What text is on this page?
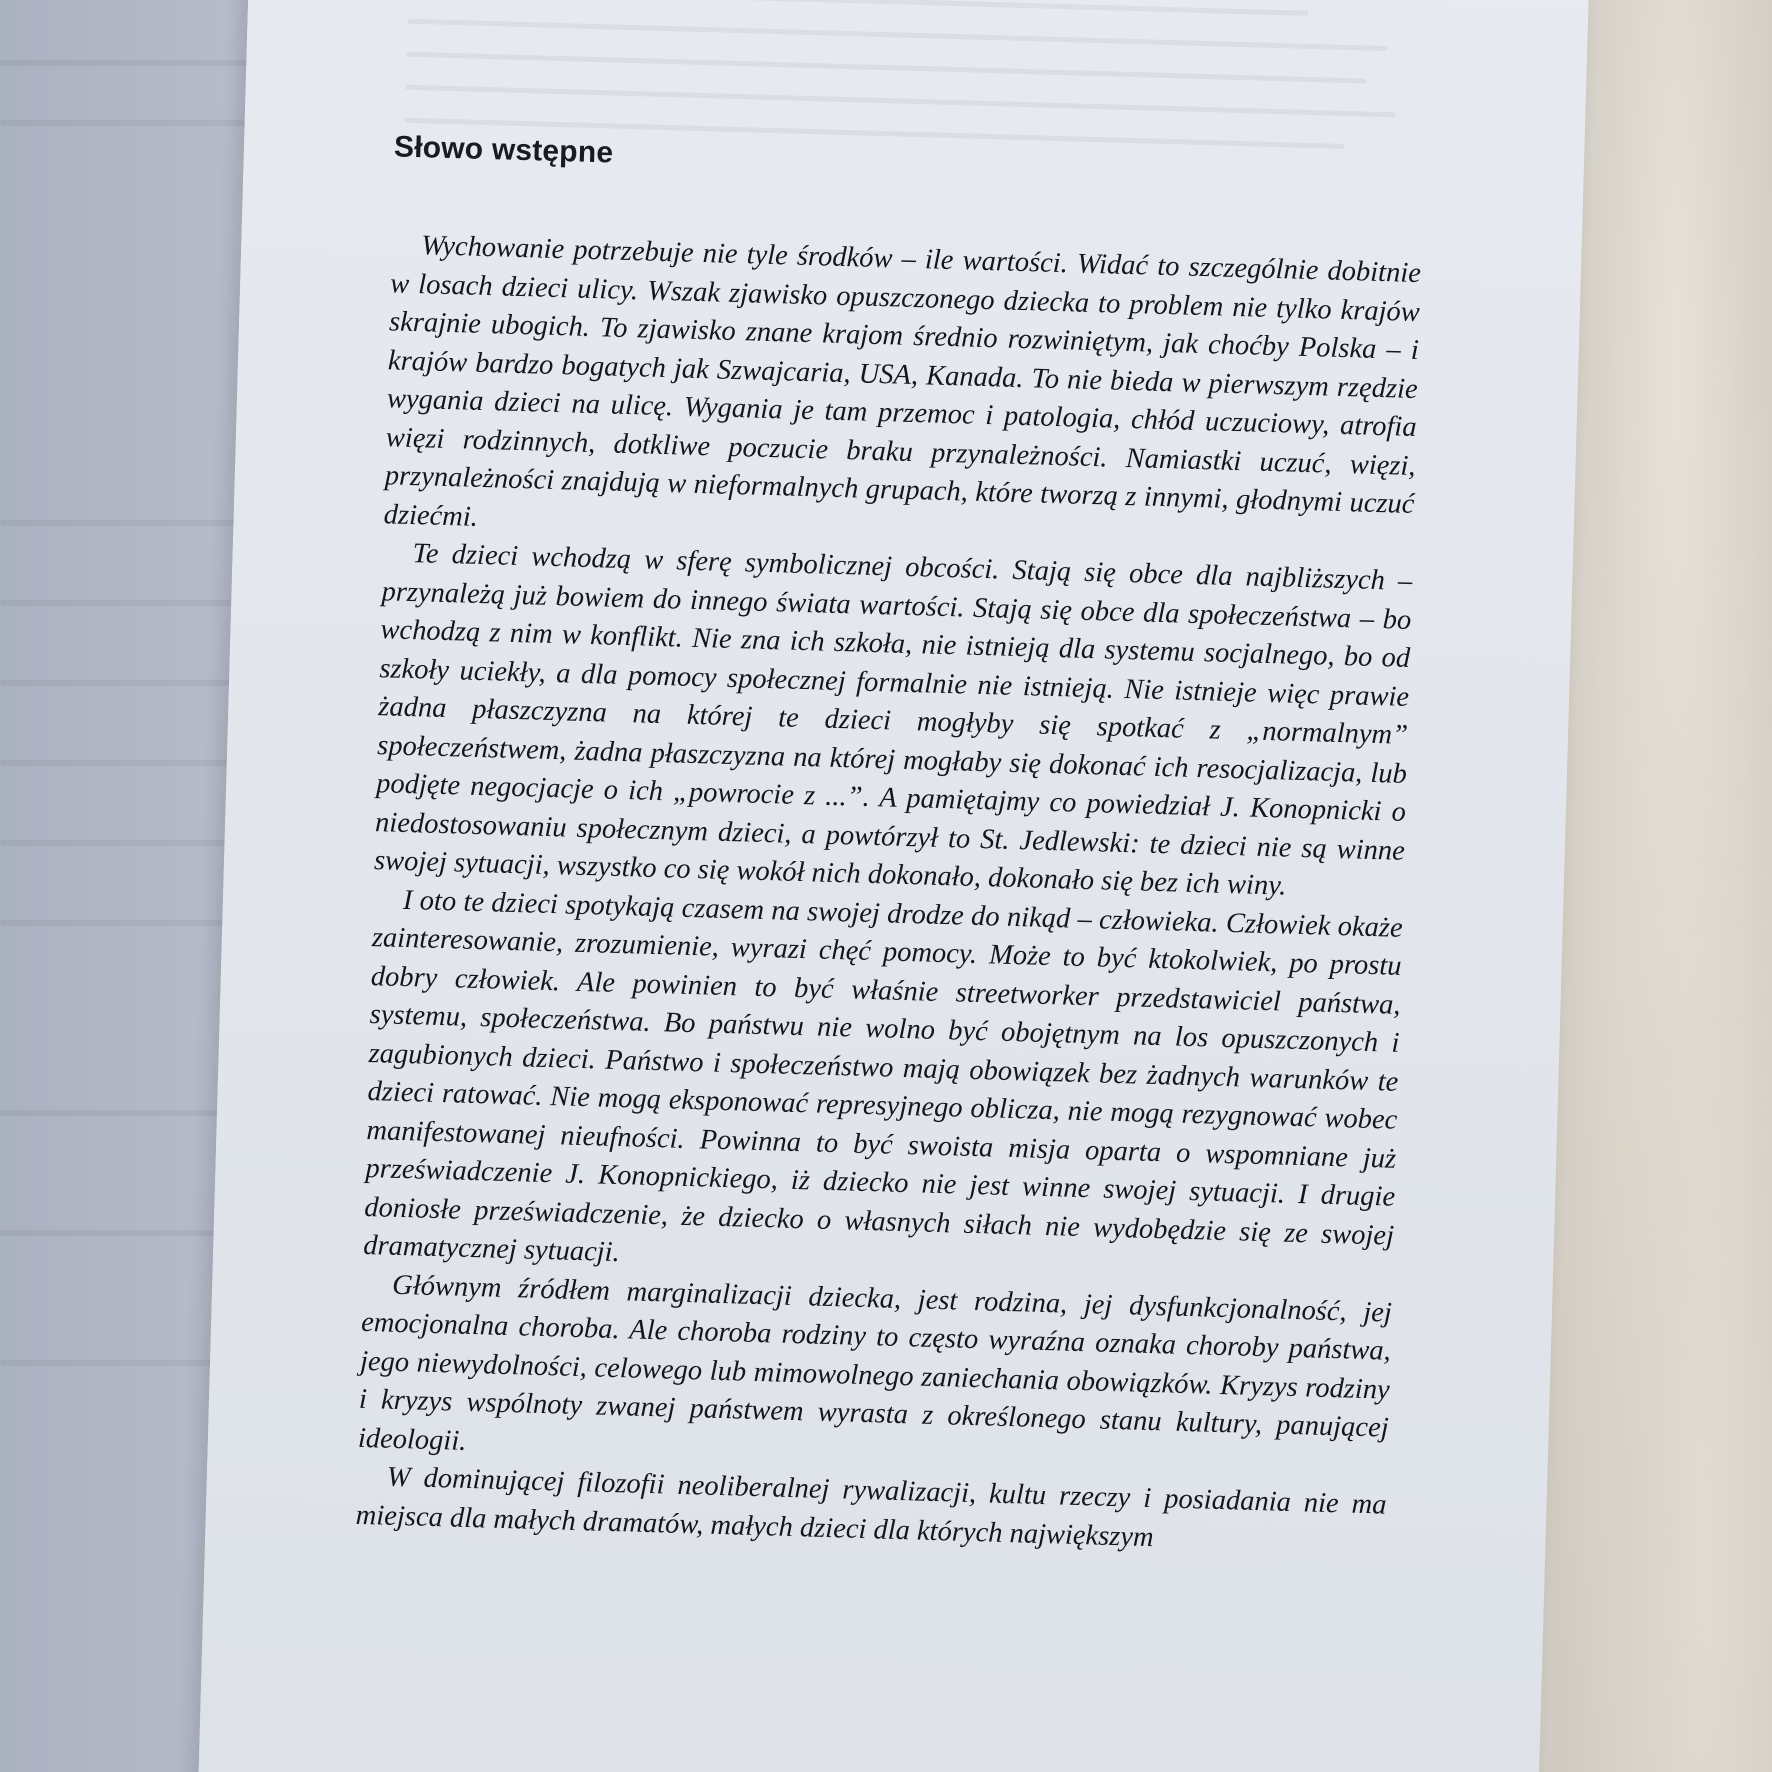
Słowo wstępne

Wychowanie potrzebuje nie tyle środków – ile wartości. Widać to szczególnie dobitnie w losach dzieci ulicy. Wszak zjawisko opuszczonego dziecka to problem nie tylko krajów skrajnie ubogich. To zjawisko znane krajom średnio rozwiniętym, jak choćby Polska – i krajów bardzo bogatych jak Szwajcaria, USA, Kanada. To nie bieda w pierwszym rzędzie wygania dzieci na ulicę. Wygania je tam przemoc i patologia, chłód uczuciowy, atrofia więzi rodzinnych, dotkliwe poczucie braku przynależności. Namiastki uczuć, więzi, przynależności znajdują w nieformalnych grupach, które tworzą z innymi, głodnymi uczuć dziećmi.

Te dzieci wchodzą w sferę symbolicznej obcości. Stają się obce dla najbliższych – przynależą już bowiem do innego świata wartości. Stają się obce dla społeczeństwa – bo wchodzą z nim w konflikt. Nie zna ich szkoła, nie istnieją dla systemu socjalnego, bo od szkoły uciekły, a dla pomocy społecznej formalnie nie istnieją. Nie istnieje więc prawie żadna płaszczyzna na której te dzieci mogłyby się spotkać z „normalnym” społeczeństwem, żadna płaszczyzna na której mogłaby się dokonać ich resocjalizacja, lub podjęte negocjacje o ich „powrocie z ...”. A pamiętajmy co powiedział J. Konopnicki o niedostosowaniu społecznym dzieci, a powtórzył to St. Jedlewski: te dzieci nie są winne swojej sytuacji, wszystko co się wokół nich dokonało, dokonało się bez ich winy.

I oto te dzieci spotykają czasem na swojej drodze do nikąd – człowieka. Człowiek okaże zainteresowanie, zrozumienie, wyrazi chęć pomocy. Może to być ktokolwiek, po prostu dobry człowiek. Ale powinien to być właśnie streetworker przedstawiciel państwa, systemu, społeczeństwa. Bo państwu nie wolno być obojętnym na los opuszczonych i zagubionych dzieci. Państwo i społeczeństwo mają obowiązek bez żadnych warunków te dzieci ratować. Nie mogą eksponować represyjnego oblicza, nie mogą rezygnować wobec manifestowanej nieufności. Powinna to być swoista misja oparta o wspomniane już przeświadczenie J. Konopnickiego, iż dziecko nie jest winne swojej sytuacji. I drugie doniosłe przeświadczenie, że dziecko o własnych siłach nie wydobędzie się ze swojej dramatycznej sytuacji.

Głównym źródłem marginalizacji dziecka, jest rodzina, jej dysfunkcjonalność, jej emocjonalna choroba. Ale choroba rodziny to często wyraźna oznaka choroby państwa, jego niewydolności, celowego lub mimowolnego zaniechania obowiązków. Kryzys rodziny i kryzys wspólnoty zwanej państwem wyrasta z określonego stanu kultury, panującej ideologii.

W dominującej filozofii neoliberalnej rywalizacji, kultu rzeczy i posiadania nie ma miejsca dla małych dramatów, małych dzieci dla których największym
